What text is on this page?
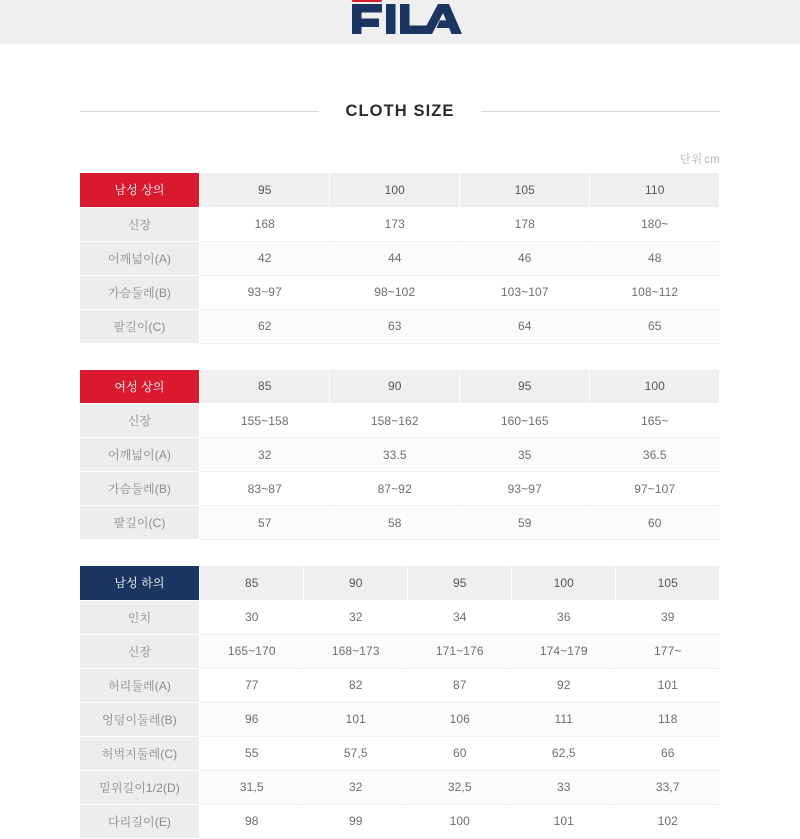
CLOTH SIZE
단위 cm
남성 상의	95	100	105	110
신장	168	173	178	180~
어깨넓이(A)	42	44	46	48
가슴둘레(B)	93~97	98~102	103~107	108~112
팔길이(C)	62	63	64	65
여성 상의	85	90	95	100
신장	155~158	158~162	160~165	165~
어깨넓이(A)	32	33.5	35	36.5
가슴둘레(B)	83~87	87~92	93~97	97~107
팔길이(C)	57	58	59	60
남성 하의	85	90	95	100	105
인치	30	32	34	36	39
신장	165~170	168~173	171~176	174~179	177~
허리둘레(A)	77	82	87	92	101
엉덩이둘레(B)	96	101	106	111	118
허벅지둘레(C)	55	57,5	60	62,5	66
밑위길이1/2(D)	31,5	32	32,5	33	33,7
다리길이(E)	98	99	100	101	102
